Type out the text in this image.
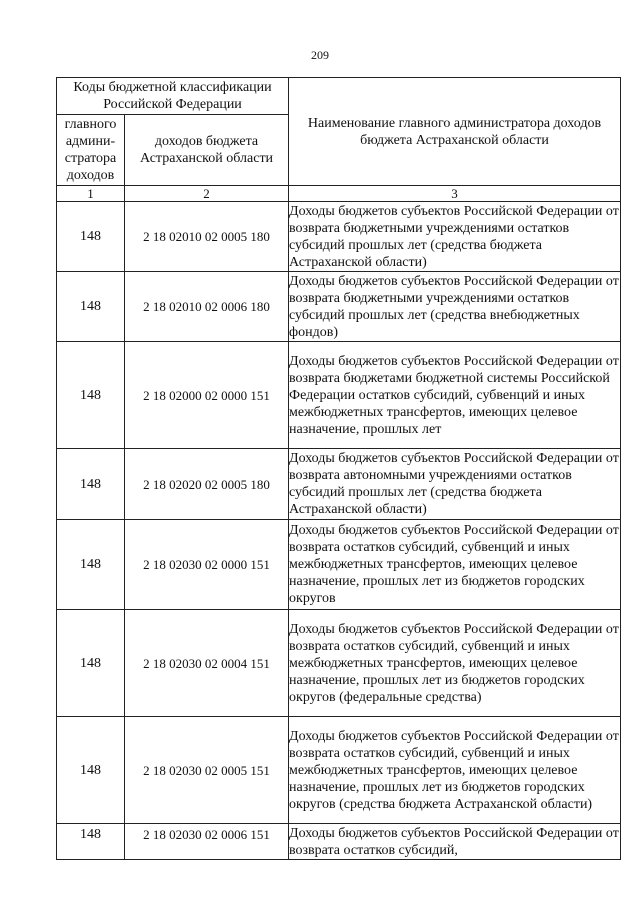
209
Коды бюджетной классификации Российской Федерации		Наименование главного администратора доходов бюджета Астраханской области
главного админи-стратора доходов	доходов бюджета Астраханской области	
1	2	3
148	2 18 02010 02 0005 180	Доходы бюджетов субъектов Российской Федерации от возврата бюджетными учреждениями остатков субсидий прошлых лет (средства бюджета Астраханской области)
148	2 18 02010 02 0006 180	Доходы бюджетов субъектов Российской Федерации от возврата бюджетными учреждениями остатков субсидий прошлых лет (средства внебюджетных фондов)
148	2 18 02000 02 0000 151	Доходы бюджетов субъектов Российской Федерации от возврата бюджетами бюджетной системы Российской Федерации остатков субсидий, субвенций и иных межбюджетных трансфертов, имеющих целевое назначение, прошлых лет
148	2 18 02020 02 0005 180	Доходы бюджетов субъектов Российской Федерации от возврата автономными учреждениями остатков субсидий прошлых лет (средства бюджета Астраханской области)
148	2 18 02030 02 0000 151	Доходы бюджетов субъектов Российской Федерации от возврата остатков субсидий, субвенций и иных межбюджетных трансфертов, имеющих целевое назначение, прошлых лет из бюджетов городских округов
148	2 18 02030 02 0004 151	Доходы бюджетов субъектов Российской Федерации от возврата остатков субсидий, субвенций и иных межбюджетных трансфертов, имеющих целевое назначение, прошлых лет из бюджетов городских округов (федеральные средства)
148	2 18 02030 02 0005 151	Доходы бюджетов субъектов Российской Федерации от возврата остатков субсидий, субвенций и иных межбюджетных трансфертов, имеющих целевое назначение, прошлых лет из бюджетов городских округов (средства бюджета Астраханской области)
148	2 18 02030 02 0006 151	Доходы бюджетов субъектов Российской Федерации от возврата остатков субсидий,
